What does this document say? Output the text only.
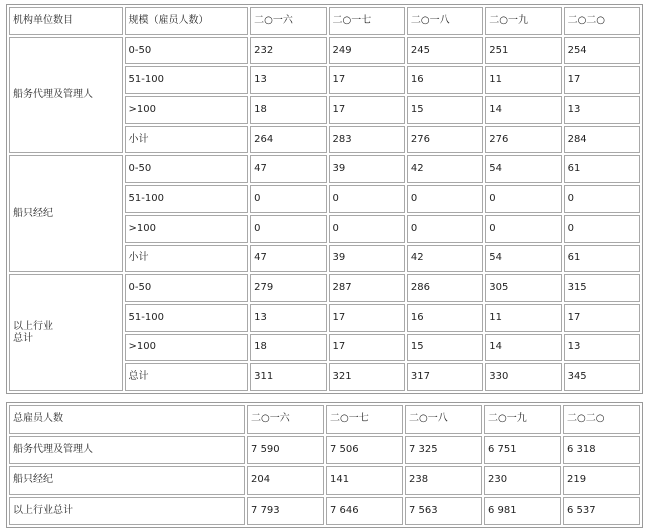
机构单位数目	规模（雇员人数）	二○一六	二○一七	二○一八	二○一九	二○二○
船务代理及管理人	0-50	232	249	245	251	254
	51-100	13	17	16	11	17
	>100	18	17	15	14	13
	小计	264	283	276	276	284
船只经纪	0-50	47	39	42	54	61
	51-100	0	0	0	0	0
	>100	0	0	0	0	0
	小计	47	39	42	54	61
以上行业
总计	0-50	279	287	286	305	315
	51-100	13	17	16	11	17
	>100	18	17	15	14	13
	总计	311	321	317	330	345
总雇员人数	二○一六	二○一七	二○一八	二○一九	二○二○
船务代理及管理人	7 590	7 506	7 325	6 751	6 318
船只经纪	204	141	238	230	219
以上行业总计	7 793	7 646	7 563	6 981	6 537
